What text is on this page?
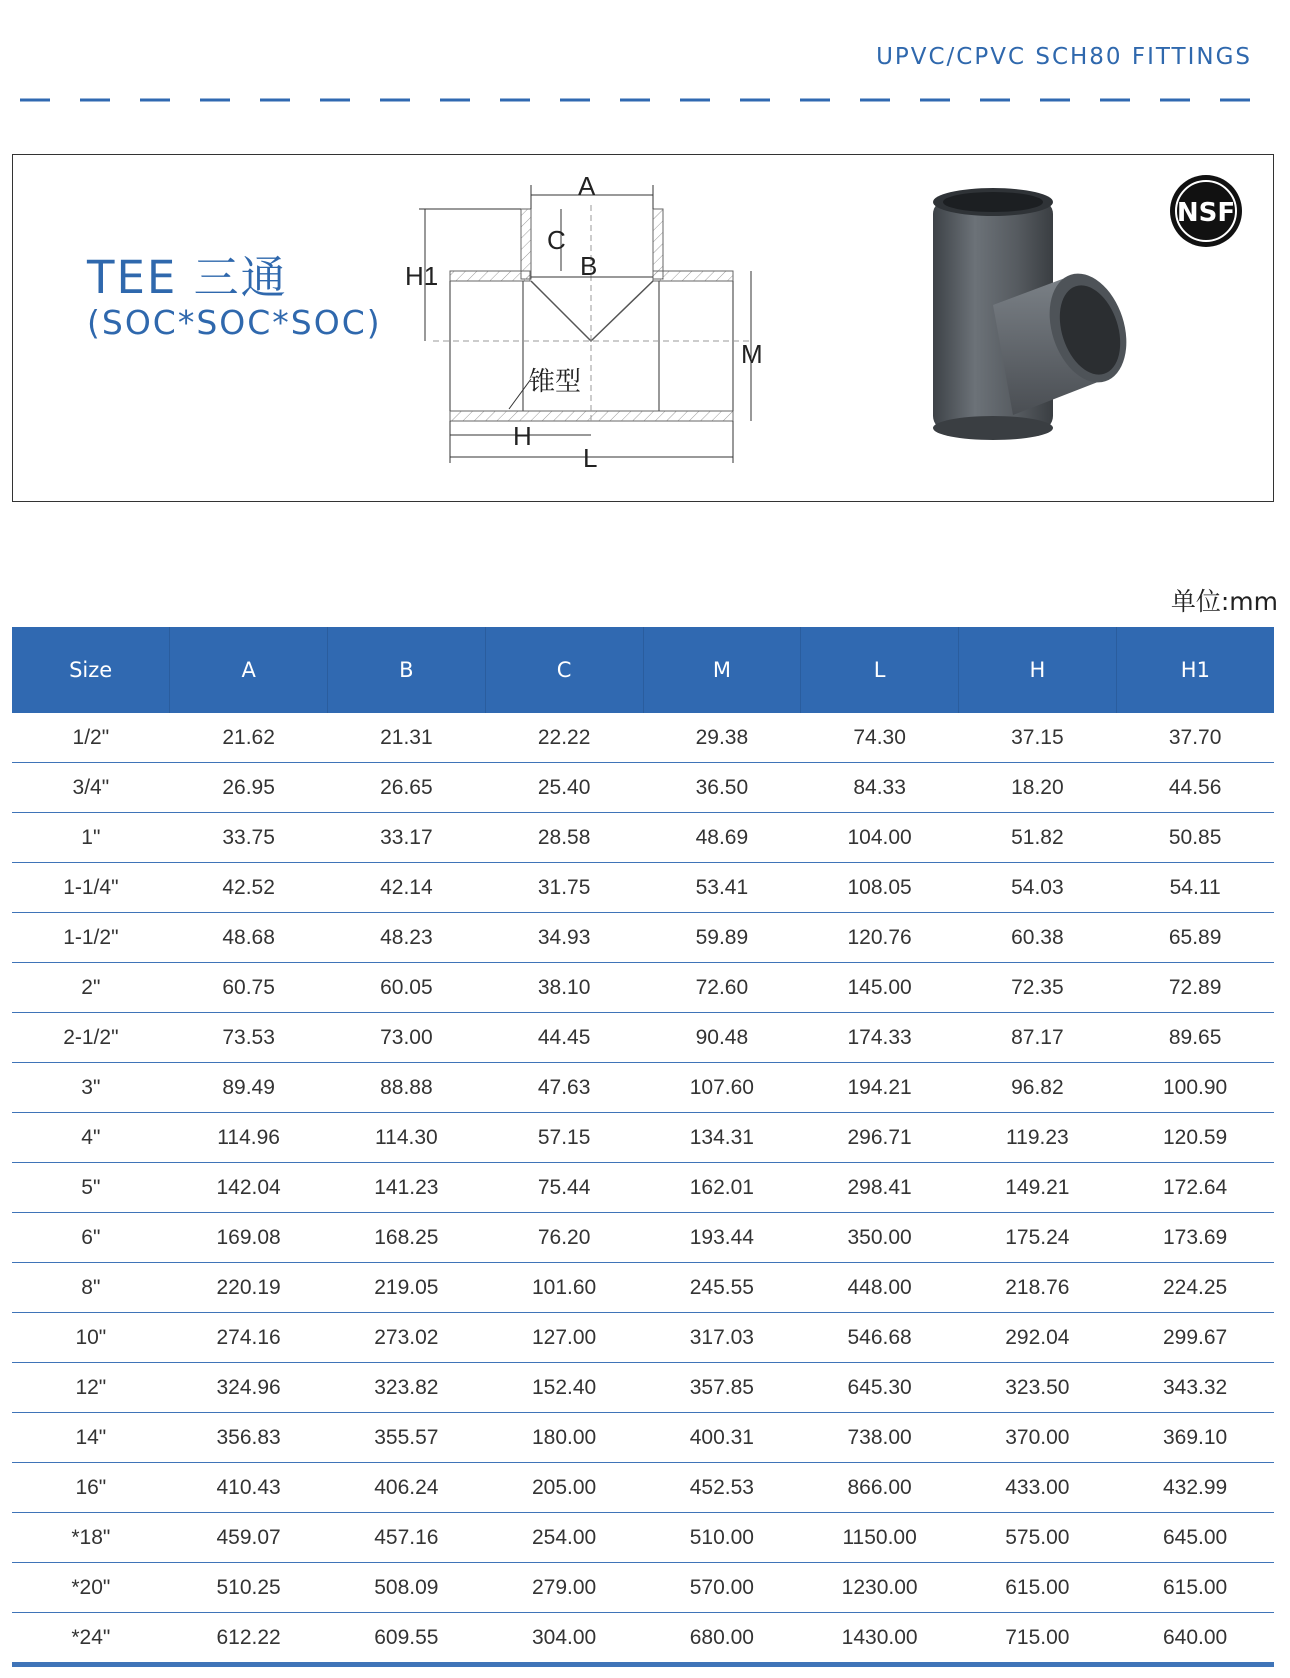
UPVC/CPVC SCH80 FITTINGS
TEE 三通
(SOC*SOC*SOC)
A
C
B
H1
M
H
L
锥型
NSF
单位:mm
Size	A	B	C	M	L	H	H1
1/2"	21.62	21.31	22.22	29.38	74.30	37.15	37.70
3/4"	26.95	26.65	25.40	36.50	84.33	18.20	44.56
1"	33.75	33.17	28.58	48.69	104.00	51.82	50.85
1-1/4"	42.52	42.14	31.75	53.41	108.05	54.03	54.11
1-1/2"	48.68	48.23	34.93	59.89	120.76	60.38	65.89
2"	60.75	60.05	38.10	72.60	145.00	72.35	72.89
2-1/2"	73.53	73.00	44.45	90.48	174.33	87.17	89.65
3"	89.49	88.88	47.63	107.60	194.21	96.82	100.90
4"	114.96	114.30	57.15	134.31	296.71	119.23	120.59
5"	142.04	141.23	75.44	162.01	298.41	149.21	172.64
6"	169.08	168.25	76.20	193.44	350.00	175.24	173.69
8"	220.19	219.05	101.60	245.55	448.00	218.76	224.25
10"	274.16	273.02	127.00	317.03	546.68	292.04	299.67
12"	324.96	323.82	152.40	357.85	645.30	323.50	343.32
14"	356.83	355.57	180.00	400.31	738.00	370.00	369.10
16"	410.43	406.24	205.00	452.53	866.00	433.00	432.99
*18"	459.07	457.16	254.00	510.00	1150.00	575.00	645.00
*20"	510.25	508.09	279.00	570.00	1230.00	615.00	615.00
*24"	612.22	609.55	304.00	680.00	1430.00	715.00	640.00
